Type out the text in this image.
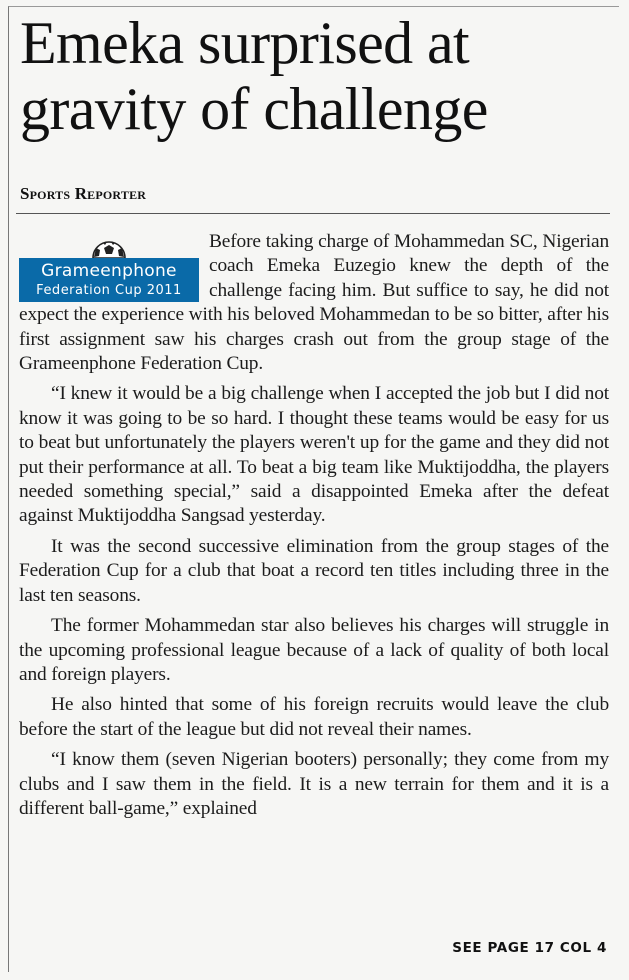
Emeka surprised at gravity of challenge
Sports Reporter
Grameenphone
Federation Cup 2011

Before taking charge of Mohammedan SC, Nigerian coach Emeka Euzegio knew the depth of the challenge facing him. But suffice to say, he did not expect the experience with his beloved Mohammedan to be so bitter, after his first assignment saw his charges crash out from the group stage of the Grameenphone Federation Cup.

“I knew it would be a big challenge when I accepted the job but I did not know it was going to be so hard. I thought these teams would be easy for us to beat but unfortunately the players weren't up for the game and they did not put their performance at all. To beat a big team like Muktijoddha, the players needed something special,” said a disappointed Emeka after the defeat against Muktijoddha Sangsad yesterday.

It was the second successive elimination from the group stages of the Federation Cup for a club that boat a record ten titles including three in the last ten seasons.

The former Mohammedan star also believes his charges will struggle in the upcoming professional league because of a lack of quality of both local and foreign players.

He also hinted that some of his foreign recruits would leave the club before the start of the league but did not reveal their names.

“I know them (seven Nigerian booters) personally; they come from my clubs and I saw them in the field. It is a new terrain for them and it is a different ball-game,” explained

SEE PAGE 17 COL 4
